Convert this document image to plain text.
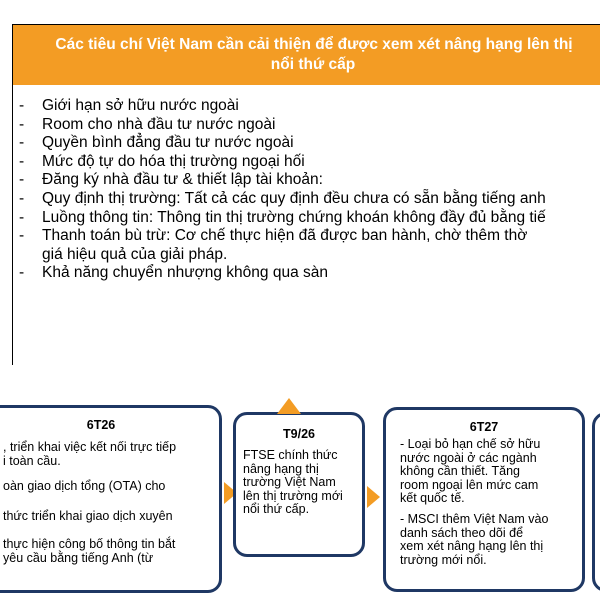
Các tiêu chí Việt Nam cần cải thiện để được xem xét nâng hạng lên thị
nổi thứ cấp
- Giới hạn sở hữu nước ngoài
- Room cho nhà đầu tư nước ngoài
- Quyền bình đẳng đầu tư nước ngoài
- Mức độ tự do hóa thị trường ngoại hối
- Đăng ký nhà đầu tư & thiết lập tài khoản:
- Quy định thị trường: Tất cả các quy định đều chưa có sẵn bằng tiếng anh
- Luồng thông tin: Thông tin thị trường chứng khoán không đầy đủ bằng tiế
- Thanh toán bù trừ: Cơ chế thực hiện đã được ban hành, chờ thêm thờ
giá hiệu quả của giải pháp.
- Khả năng chuyển nhượng không qua sàn
6T26
, triển khai việc kết nối trực tiếp
i toàn cầu.
oàn giao dịch tổng (OTA) cho
thức triển khai giao dịch xuyên
thực hiện công bố thông tin bắt
yêu cầu bằng tiếng Anh (từ
T9/26
FTSE chính thức
nâng hạng thị
trường Việt Nam
lên thị trường mới
nổi thứ cấp.
6T27
- Loại bỏ hạn chế sở hữu
nước ngoài ở các ngành
không cần thiết. Tăng
room ngoại lên mức cam
kết quốc tế.
- MSCI thêm Việt Nam vào
danh sách theo dõi để
xem xét nâng hạng lên thị
trường mới nổi.
